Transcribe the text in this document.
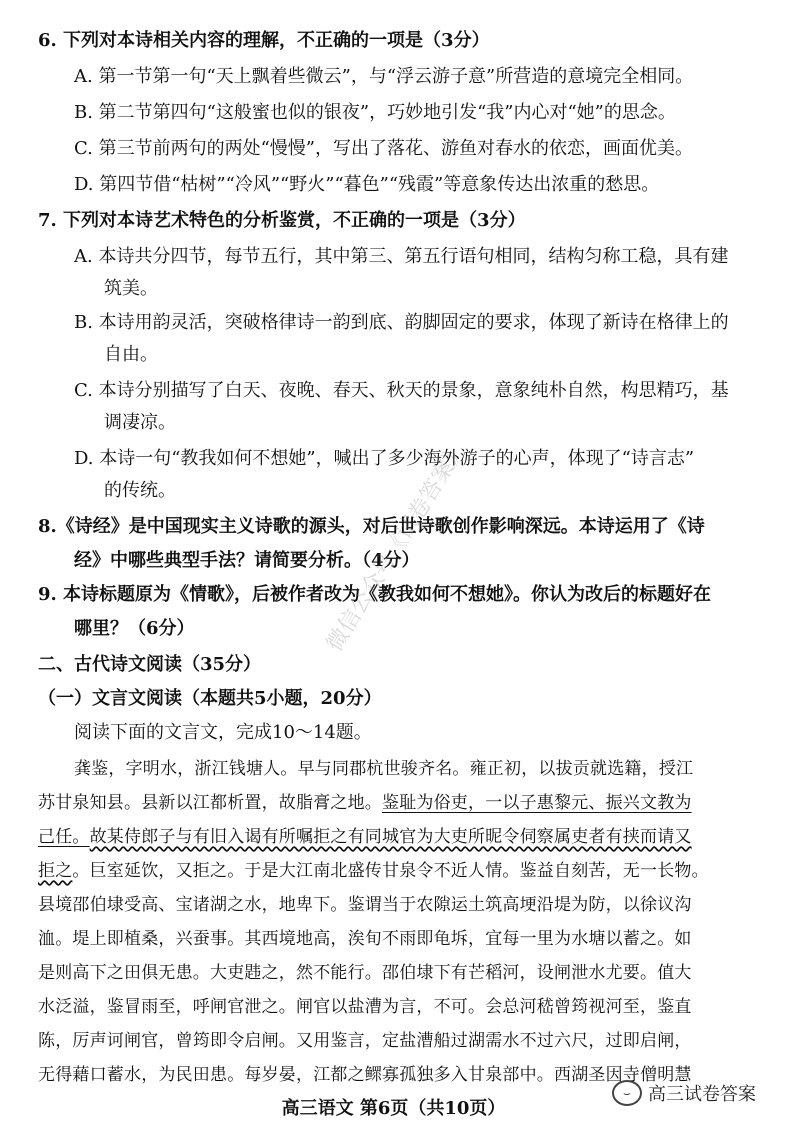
6. 下列对本诗相关内容的理解，不正确的一项是（3分）
A. 第一节第一句“天上飘着些微云”，与“浮云游子意”所营造的意境完全相同。
B. 第二节第四句“这般蜜也似的银夜”，巧妙地引发“我”内心对“她”的思念。
C. 第三节前两句的两处“慢慢”，写出了落花、游鱼对春水的依恋，画面优美。
D. 第四节借“枯树”“冷风”“野火”“暮色”“残霞”等意象传达出浓重的愁思。
7. 下列对本诗艺术特色的分析鉴赏，不正确的一项是（3分）
A. 本诗共分四节，每节五行，其中第三、第五行语句相同，结构匀称工稳，具有建
筑美。
B. 本诗用韵灵活，突破格律诗一韵到底、韵脚固定的要求，体现了新诗在格律上的
自由。
C. 本诗分别描写了白天、夜晚、春天、秋天的景象，意象纯朴自然，构思精巧，基
调凄凉。
D. 本诗一句“教我如何不想她”，喊出了多少海外游子的心声，体现了“诗言志”
的传统。
8.《诗经》是中国现实主义诗歌的源头，对后世诗歌创作影响深远。本诗运用了《诗
经》中哪些典型手法？请简要分析。（4分）
9. 本诗标题原为《情歌》，后被作者改为《教我如何不想她》。你认为改后的标题好在
哪里？（6分）
二、古代诗文阅读（35分）
（一）文言文阅读（本题共5小题，20分）
阅读下面的文言文，完成10～14题。
龚鉴，字明水，浙江钱塘人。早与同郡杭世骏齐名。雍正初，以拔贡就选籍，授江
苏甘泉知县。县新以江都析置，故脂膏之地。鉴耻为俗吏，一以子惠黎元、振兴文教为
己任。故某侍郎子与有旧入谒有所嘱拒之有同城官为大吏所昵令伺察属吏者有挟而请又
拒之。巨室延饮，又拒之。于是大江南北盛传甘泉令不近人情。鉴益自刻苦，无一长物。
县境邵伯埭受高、宝诸湖之水，地卑下。鉴谓当于农隙运土筑高埂沿堤为防，以徐议沟
洫。堤上即植桑，兴蚕事。其西境地高，涘旬不雨即龟坼，宜每一里为水塘以蓄之。如
是则高下之田俱无患。大吏韪之，然不能行。邵伯埭下有芒稻河，设闸泄水尤要。值大
水泛溢，鉴冒雨至，呼闸官泄之。闸官以盐漕为言，不可。会总河嵇曾筠视河至，鉴直
陈，厉声诃闸官，曾筠即令启闸。又用鉴言，定盐漕船过湖需水不过六尺，过即启闸，
无得藉口蓄水，为民田患。每岁晏，江都之鳏寡孤独多入甘泉部中。西湖圣因寺僧明慧
微信公众号《试卷答案》
高三语文 第6页（共10页）
⌣ 高三试卷答案
